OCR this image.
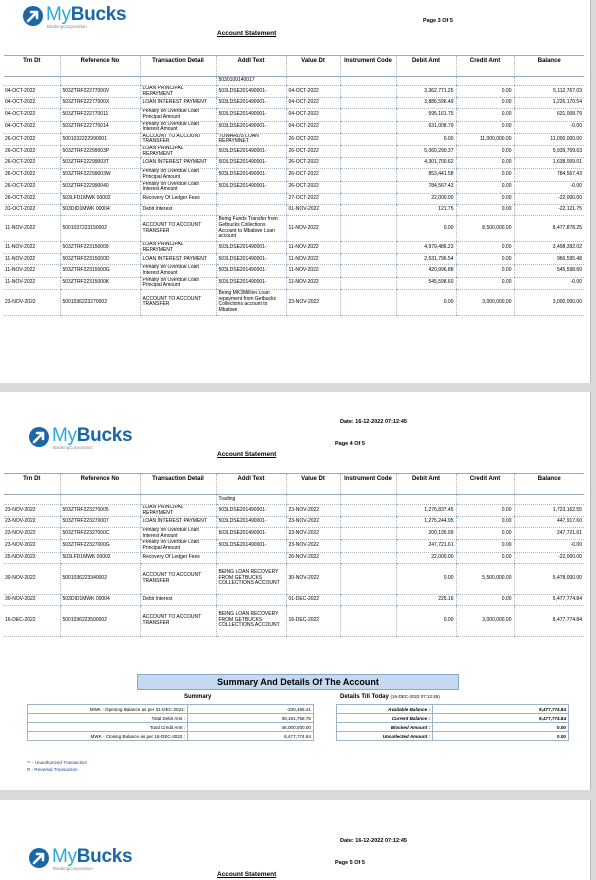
MyBucks
BankingCorporation
Page 3 Of 5
Account Statement
Trn Dt	Reference No	Transaction Detail	Addl Text	Value Dt	Instrument Code	Debit Amt	Credit Amt	Balance
			5030100140017					
04-OCT-2022	503ZTRF22277000V	LOAN PRINCIPAL REPAYMENT	503LDSE201490001-	04-OCT-2022		3,362,771.25	0.00	5,112,767.03
04-OCT-2022	503ZTRF22277000X	LOAN INTEREST PAYMENT	503LDSE201490001-	04-OCT-2022		3,886,596.49	0.00	1,226,170.54
04-OCT-2022	503ZTRF222770011	Penalty on Overdue Loan Principal Amount	503LDSE201490001-	04-OCT-2022		595,161.75	0.00	631,008.79
04-OCT-2022	503ZTRF222770014	Penalty on Overdue Loan Interest Amount	503LDSE201490001-	04-OCT-2022		631,008.79	0.00	-0.00
26-OCT-2022	5001032222990001	ACCOUNT TO ACCOUNT TRANSFER	TOWARDS LOAN REPAYMNET	26-OCT-2022		0.00	11,000,000.00	11,000,000.00
26-OCT-2022	503ZTRF22299003P	LOAN PRINCIPAL REPAYMENT	503LDSE201490001-	26-OCT-2022		5,060,290.37	0.00	5,939,709.63
26-OCT-2022	503ZTRF22299003T	LOAN INTEREST PAYMENT	503LDSE201490001-	26-OCT-2022		4,301,700.62	0.00	1,638,009.01
26-OCT-2022	503ZTRF22299003W	Penalty on Overdue Loan Principal Amount	503LDSE201490001-	26-OCT-2022		853,441.58	0.00	784,567.43
26-OCT-2022	503ZTRF222990040	Penalty on Overdue Loan Interest Amount	503LDSE201490001-	26-OCT-2022		784,567.43	0.00	-0.00
26-OCT-2022	503LFD1MWK 00002	Recovery Of Ledger Fees		27-OCT-2022		22,000.00	0.00	-22,000.00
31-OCT-2022	503DID1MWK 00004	Debit Interest		01-NOV-2022		121.75	0.00	-22,121.75
11-NOV-2022	5001037223150002	ACCOUNT TO ACCOUNT TRANSFER	Being Funds Transfer from Getbucks Collections Account to Mbabwe Loan account	11-NOV-2022		0.00	8,500,000.00	8,477,878.25
11-NOV-2022	503ZTRF223150009	LOAN PRINCIPAL REPAYMENT	503LDSE201490001-	11-NOV-2022		4,979,486.23	0.00	3,498,392.02
11-NOV-2022	503ZTRF22315000D	LOAN INTEREST PAYMENT	503LDSE201490001-	11-NOV-2022		2,531,796.54	0.00	966,595.48
11-NOV-2022	503ZTRF22315000G	Penalty on Overdue Loan Interest Amount	503LDSE201490001-	11-NOV-2022		420,996.88	0.00	545,598.60
11-NOV-2022	503ZTRF22315000K	Penalty on Overdue Loan Principal Amount	503LDSE201490001-	11-NOV-2022		545,598.60	0.00	-0.00
23-NOV-2022	5001036223270002	ACCOUNT TO ACCOUNT TRANSFER	Being MK3Million Loan repayment from Getbucks Collections account to Mbabwe	23-NOV-2022		0.00	3,000,000.00	3,000,000.00
MyBucks
BankingCorporation
Date: 16-12-2022 07:12:45
Page 4 Of 5
Account Statement
Trn Dt	Reference No	Transaction Detail	Addl Text	Value Dt	Instrument Code	Debit Amt	Credit Amt	Balance
			Trading					
23-NOV-2022	503ZTRF223270005	LOAN PRINCIPAL REPAYMENT	503LDSE201490001-	23-NOV-2022		1,276,837.45	0.00	1,723,162.55
23-NOV-2022	503ZTRF223270007	LOAN INTEREST PAYMENT	503LDSE201490001-	23-NOV-2022		1,275,244.95	0.00	447,917.60
23-NOV-2022	503ZTRF22327000C	Penalty on Overdue Loan Interest Amount	503LDSE201490001-	23-NOV-2022		200,195.99	0.00	247,721.61
23-NOV-2022	503ZTRF22327000G	Penalty on Overdue Loan Principal Amount	503LDSE201490001-	23-NOV-2022		247,721.61	0.00	-0.00
25-NOV-2022	503LFD1MWK 00002	Recovery Of Ledger Fees		26-NOV-2022		22,000.00	0.00	-22,000.00
30-NOV-2022	5001036223340002	ACCOUNT TO ACCOUNT TRANSFER	BEING LOAN RECOVERY FROM GETBUCKS COLLECTIONS ACCOUNT	30-NOV-2022		0.00	5,500,000.00	5,478,000.00
30-NOV-2022	503DID1MWK 00004	Debit Interest		01-DEC-2022		225.16	0.00	5,477,774.84
16-DEC-2022	5001036223500002	ACCOUNT TO ACCOUNT TRANSFER	BEING LOAN RECOVERY FROM GETBUCKS COLLECTIONS ACCOUNT	16-DEC-2022		0.00	3,000,000.00	8,477,774.84
Summary And Details Of The Account
Summary	Details Till Today (16-DEC-2022 07:12:45)
MWK - Opening Balance as per 31-DEC-2021:	-330,466.41
Total Debit Amt :	39,191,758.75
Total Credit Amt :	48,000,000.00
MWK - Closing Balance as per 16-DEC-2022 :	8,477,774.84
Available Balance :	8,477,774.84
Current Balance :	8,477,774.84
Blocked Amount :	0.00
Uncollected Amount :	0.00
** - Unauthorized Transaction
R - Reversal Transaction
MyBucks
BankingCorporation
Date: 16-12-2022 07:12:45
Page 5 Of 5
Account Statement
